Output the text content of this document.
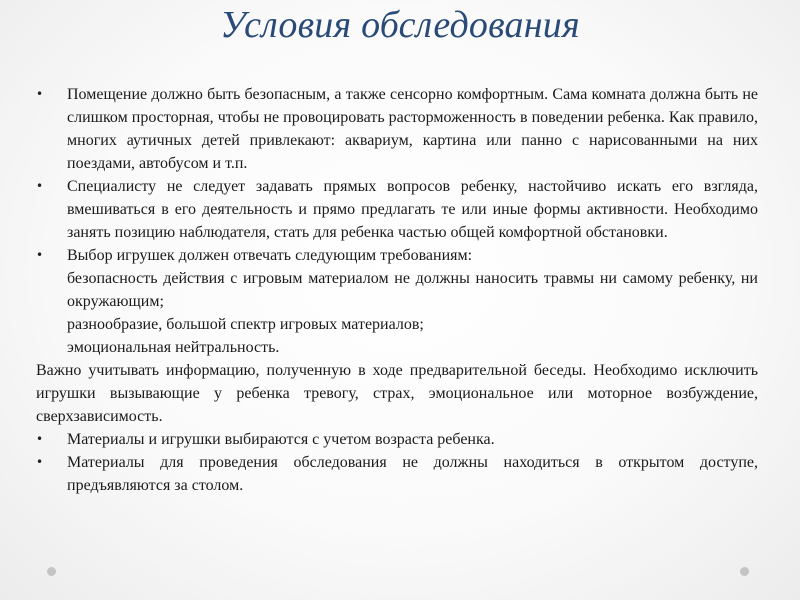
Условия обследования
•	Помещение должно быть безопасным, а также сенсорно комфортным. Сама комната должна быть не слишком просторная, чтобы не провоцировать расторможенность в поведении ребенка. Как правило, многих аутичных детей привлекают: аквариум, картина или панно с нарисованными на них поездами, автобусом и т.п.
•	Специалисту не следует задавать прямых вопросов ребенку, настойчиво искать его взгляда, вмешиваться в его деятельность и прямо предлагать те или иные формы активности. Необходимо занять позицию наблюдателя, стать для ребенка частью общей комфортной обстановки.
•	Выбор игрушек должен отвечать следующим требованиям:
безопасность действия с игровым материалом не должны наносить травмы ни самому ребенку, ни окружающим;
разнообразие, большой спектр игровых материалов;
эмоциональная нейтральность.
Важно учитывать информацию, полученную в ходе предварительной беседы. Необходимо исключить игрушки вызывающие у ребенка тревогу, страх, эмоциональное или моторное возбуждение, сверхзависимость.
•	Материалы и игрушки выбираются с учетом возраста ребенка.
•	Материалы для проведения обследования не должны находиться в открытом доступе, предъявляются за столом.
